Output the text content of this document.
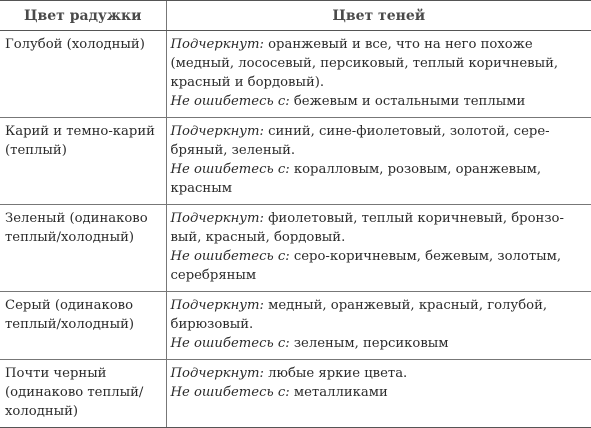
Цвет радужки	Цвет теней

Голубой (холодный)	Подчеркнут: оранжевый и все, что на него похоже
(медный, лососевый, персиковый, теплый коричневый,
красный и бордовый).
Не ошибетесь с: бежевым и остальными теплыми

Карий и темно-карий
(теплый)	Подчеркнут: синий, сине-фиолетовый, золотой, сере-
бряный, зеленый.
Не ошибетесь с: коралловым, розовым, оранжевым,
красным

Зеленый (одинаково
теплый/холодный)	Подчеркнут: фиолетовый, теплый коричневый, бронзо-
вый, красный, бордовый.
Не ошибетесь с: серо-коричневым, бежевым, золотым,
серебряным

Серый (одинаково
теплый/холодный)	Подчеркнут: медный, оранжевый, красный, голубой,
бирюзовый.
Не ошибетесь с: зеленым, персиковым

Почти черный
(одинаково теплый/
холодный)	Подчеркнут: любые яркие цвета.
Не ошибетесь с: металликами
